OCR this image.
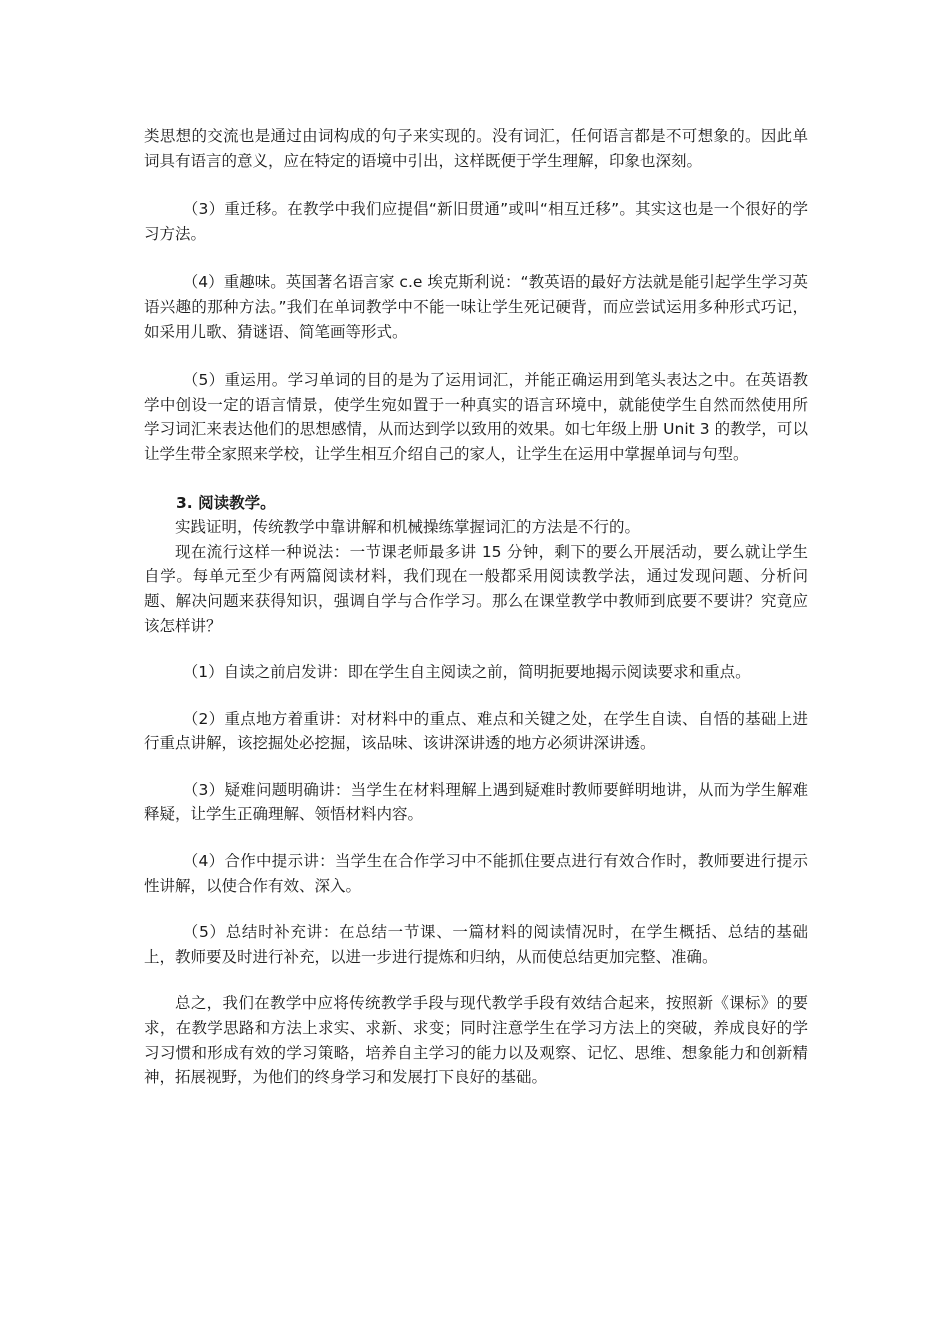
类思想的交流也是通过由词构成的句子来实现的。没有词汇，任何语言都是不可想象的。因此单词具有语言的意义，应在特定的语境中引出，这样既便于学生理解，印象也深刻。

（3）重迁移。在教学中我们应提倡“新旧贯通”或叫“相互迁移”。其实这也是一个很好的学习方法。

（4）重趣味。英国著名语言家 c.e 埃克斯利说：“教英语的最好方法就是能引起学生学习英语兴趣的那种方法。”我们在单词教学中不能一味让学生死记硬背，而应尝试运用多种形式巧记，如采用儿歌、猜谜语、简笔画等形式。

（5）重运用。学习单词的目的是为了运用词汇，并能正确运用到笔头表达之中。在英语教学中创设一定的语言情景，使学生宛如置于一种真实的语言环境中，就能使学生自然而然使用所学习词汇来表达他们的思想感情，从而达到学以致用的效果。如七年级上册 Unit 3 的教学，可以让学生带全家照来学校，让学生相互介绍自己的家人，让学生在运用中掌握单词与句型。

3. 阅读教学。

实践证明，传统教学中靠讲解和机械操练掌握词汇的方法是不行的。

现在流行这样一种说法：一节课老师最多讲 15 分钟，剩下的要么开展活动，要么就让学生自学。每单元至少有两篇阅读材料，我们现在一般都采用阅读教学法，通过发现问题、分析问题、解决问题来获得知识，强调自学与合作学习。那么在课堂教学中教师到底要不要讲？究竟应该怎样讲？

（1）自读之前启发讲：即在学生自主阅读之前，简明扼要地揭示阅读要求和重点。

（2）重点地方着重讲：对材料中的重点、难点和关键之处，在学生自读、自悟的基础上进行重点讲解，该挖掘处必挖掘，该品味、该讲深讲透的地方必须讲深讲透。

（3）疑难问题明确讲：当学生在材料理解上遇到疑难时教师要鲜明地讲，从而为学生解难释疑，让学生正确理解、领悟材料内容。

（4）合作中提示讲：当学生在合作学习中不能抓住要点进行有效合作时，教师要进行提示性讲解，以使合作有效、深入。

（5）总结时补充讲：在总结一节课、一篇材料的阅读情况时，在学生概括、总结的基础上，教师要及时进行补充，以进一步进行提炼和归纳，从而使总结更加完整、准确。

总之，我们在教学中应将传统教学手段与现代教学手段有效结合起来，按照新《课标》的要求，在教学思路和方法上求实、求新、求变；同时注意学生在学习方法上的突破，养成良好的学习习惯和形成有效的学习策略，培养自主学习的能力以及观察、记忆、思维、想象能力和创新精神，拓展视野，为他们的终身学习和发展打下良好的基础。
